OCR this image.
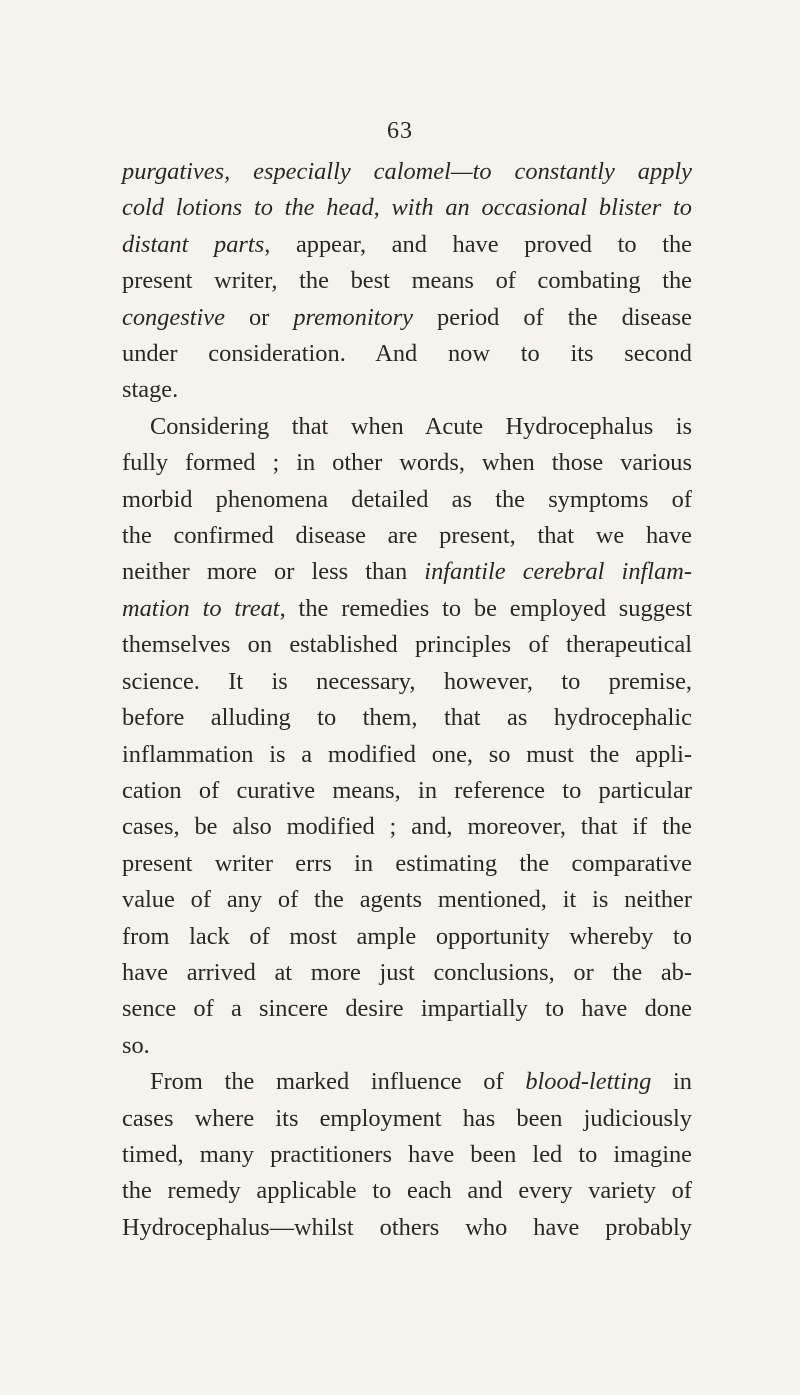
63
purgatives, especially calomel—to constantly apply
cold lotions to the head, with an occasional blister to
distant parts, appear, and have proved to the
present writer, the best means of combating the
congestive or premonitory period of the disease
under consideration. And now to its second
stage.
Considering that when Acute Hydrocephalus is
fully formed ; in other words, when those various
morbid phenomena detailed as the symptoms of
the confirmed disease are present, that we have
neither more or less than infantile cerebral inflam-
mation to treat, the remedies to be employed suggest
themselves on established principles of therapeutical
science. It is necessary, however, to premise,
before alluding to them, that as hydrocephalic
inflammation is a modified one, so must the appli-
cation of curative means, in reference to particular
cases, be also modified ; and, moreover, that if the
present writer errs in estimating the comparative
value of any of the agents mentioned, it is neither
from lack of most ample opportunity whereby to
have arrived at more just conclusions, or the ab-
sence of a sincere desire impartially to have done
so.
From the marked influence of blood-letting in
cases where its employment has been judiciously
timed, many practitioners have been led to imagine
the remedy applicable to each and every variety of
Hydrocephalus—whilst others who have probably
